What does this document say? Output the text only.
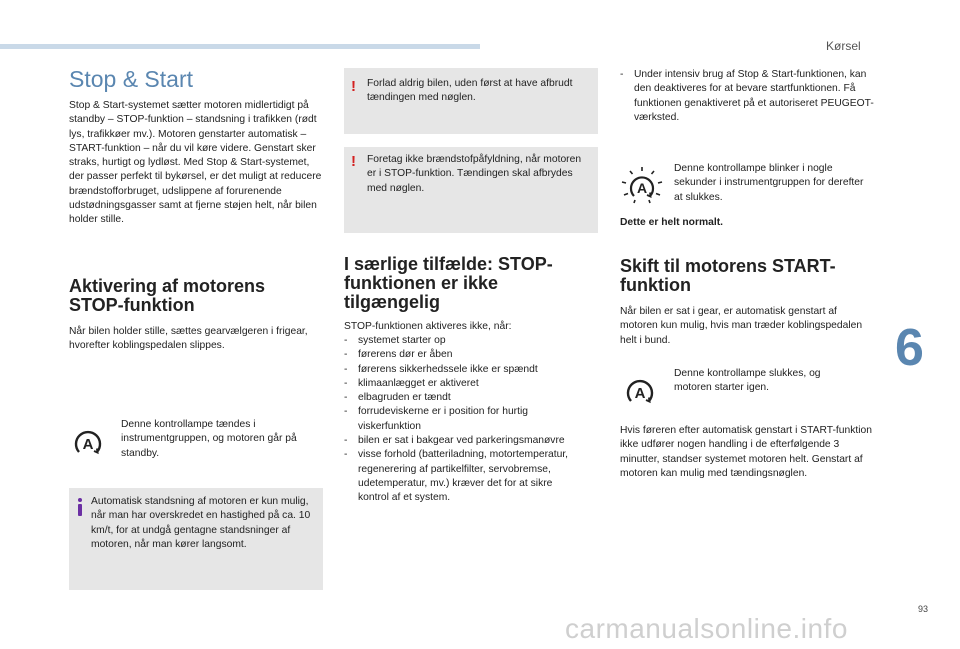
Kørsel
6
93
carmanualsonline.info
Stop & Start
Stop & Start-systemet sætter motoren midlertidigt på standby – STOP-funktion – standsning i trafikken (rødt lys, trafikkøer mv.). Motoren genstarter automatisk – START-funktion – når du vil køre videre. Genstart sker straks, hurtigt og lydløst. Med Stop & Start-systemet, der passer perfekt til bykørsel, er det muligt at reducere brændstofforbruget, udslippene af forurenende udstødningsgasser samt at fjerne støjen helt, når bilen holder stille.
Aktivering af motorens STOP-funktion
Når bilen holder stille, sættes gearvælgeren i frigear, hvorefter koblingspedalen slippes.
A
Denne kontrollampe tændes i instrumentgruppen, og motoren går på standby.
Automatisk standsning af motoren er kun mulig, når man har overskredet en hastighed på ca. 10 km/t, for at undgå gentagne standsninger af motoren, når man kører langsomt.
! Forlad aldrig bilen, uden først at have afbrudt tændingen med nøglen.
! Foretag ikke brændstofpåfyldning, når motoren er i STOP-funktion. Tændingen skal afbrydes med nøglen.
I særlige tilfælde: STOP-funktionen er ikke tilgængelig
STOP-funktionen aktiveres ikke, når:
- systemet starter op
- førerens dør er åben
- førerens sikkerhedssele ikke er spændt
- klimaanlægget er aktiveret
- elbagruden er tændt
- forrudeviskerne er i position for hurtig viskerfunktion
- bilen er sat i bakgear ved parkeringsmanøvre
- visse forhold (batteriladning, motortemperatur, regenerering af partikelfilter, servobremse, udetemperatur, mv.) kræver det for at sikre kontrol af et system.
- Under intensiv brug af Stop & Start-funktionen, kan den deaktiveres for at bevare startfunktionen. Få funktionen genaktiveret på et autoriseret PEUGEOT-værksted.
A
Denne kontrollampe blinker i nogle sekunder i instrumentgruppen for derefter at slukkes.
Dette er helt normalt.
Skift til motorens START-funktion
Når bilen er sat i gear, er automatisk genstart af motoren kun mulig, hvis man træder koblingspedalen helt i bund.
A
Denne kontrollampe slukkes, og motoren starter igen.
Hvis føreren efter automatisk genstart i START-funktion ikke udfører nogen handling i de efterfølgende 3 minutter, standser systemet motoren helt. Genstart af motoren kan mulig med tændingsnøglen.
